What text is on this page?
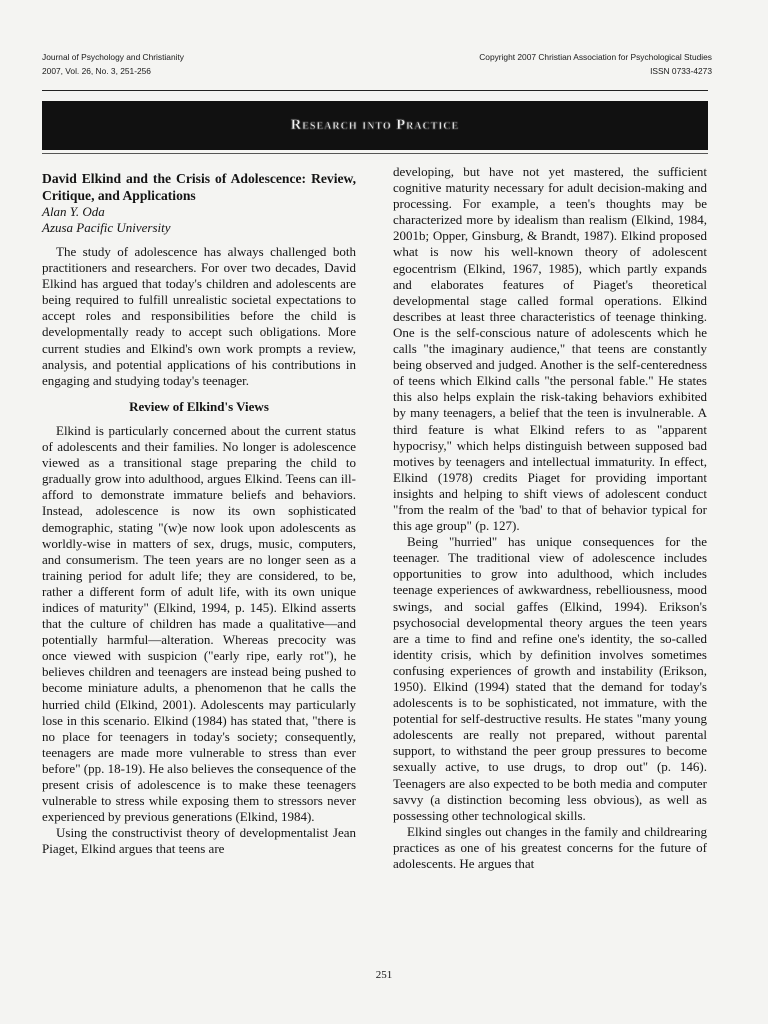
Journal of Psychology and Christianity
2007, Vol. 26, No. 3, 251-256
Copyright 2007 Christian Association for Psychological Studies
ISSN 0733-4273
Research into Practice
David Elkind and the Crisis of Adolescence: Review, Critique, and Applications
Alan Y. Oda
Azusa Pacific University

The study of adolescence has always challenged both practitioners and researchers. For over two decades, David Elkind has argued that today's children and adolescents are being required to fulfill unrealistic societal expectations to accept roles and responsibilities before the child is developmentally ready to accept such obligations. More current studies and Elkind's own work prompts a review, analysis, and potential applications of his contributions in engaging and studying today's teenager.

Review of Elkind's Views

Elkind is particularly concerned about the current status of adolescents and their families. No longer is adolescence viewed as a transitional stage preparing the child to gradually grow into adulthood, argues Elkind. Teens can ill-afford to demonstrate immature beliefs and behaviors. Instead, adolescence is now its own sophisticated demographic, stating "(w)e now look upon adolescents as worldly-wise in matters of sex, drugs, music, computers, and consumerism. The teen years are no longer seen as a training period for adult life; they are considered, to be, rather a different form of adult life, with its own unique indices of maturity" (Elkind, 1994, p. 145). Elkind asserts that the culture of children has made a qualitative—and potentially harmful—alteration. Whereas precocity was once viewed with suspicion ("early ripe, early rot"), he believes children and teenagers are instead being pushed to become miniature adults, a phenomenon that he calls the hurried child (Elkind, 2001). Adolescents may particularly lose in this scenario. Elkind (1984) has stated that, "there is no place for teenagers in today's society; consequently, teenagers are made more vulnerable to stress than ever before" (pp. 18-19). He also believes the consequence of the present crisis of adolescence is to make these teenagers vulnerable to stress while exposing them to stressors never experienced by previous generations (Elkind, 1984).

Using the constructivist theory of developmentalist Jean Piaget, Elkind argues that teens are

developing, but have not yet mastered, the sufficient cognitive maturity necessary for adult decision-making and processing. For example, a teen's thoughts may be characterized more by idealism than realism (Elkind, 1984, 2001b; Opper, Ginsburg, & Brandt, 1987). Elkind proposed what is now his well-known theory of adolescent egocentrism (Elkind, 1967, 1985), which partly expands and elaborates features of Piaget's theoretical developmental stage called formal operations. Elkind describes at least three characteristics of teenage thinking. One is the self-conscious nature of adolescents which he calls "the imaginary audience," that teens are constantly being observed and judged. Another is the self-centeredness of teens which Elkind calls "the personal fable." He states this also helps explain the risk-taking behaviors exhibited by many teenagers, a belief that the teen is invulnerable. A third feature is what Elkind refers to as "apparent hypocrisy," which helps distinguish between supposed bad motives by teenagers and intellectual immaturity. In effect, Elkind (1978) credits Piaget for providing important insights and helping to shift views of adolescent conduct "from the realm of the 'bad' to that of behavior typical for this age group" (p. 127).

Being "hurried" has unique consequences for the teenager. The traditional view of adolescence includes opportunities to grow into adulthood, which includes teenage experiences of awkwardness, rebelliousness, mood swings, and social gaffes (Elkind, 1994). Erikson's psychosocial developmental theory argues the teen years are a time to find and refine one's identity, the so-called identity crisis, which by definition involves sometimes confusing experiences of growth and instability (Erikson, 1950). Elkind (1994) stated that the demand for today's adolescents is to be sophisticated, not immature, with the potential for self-destructive results. He states "many young adolescents are really not prepared, without parental support, to withstand the peer group pressures to become sexually active, to use drugs, to drop out" (p. 146). Teenagers are also expected to be both media and computer savvy (a distinction becoming less obvious), as well as possessing other technological skills.

Elkind singles out changes in the family and childrearing practices as one of his greatest concerns for the future of adolescents. He argues that

251
